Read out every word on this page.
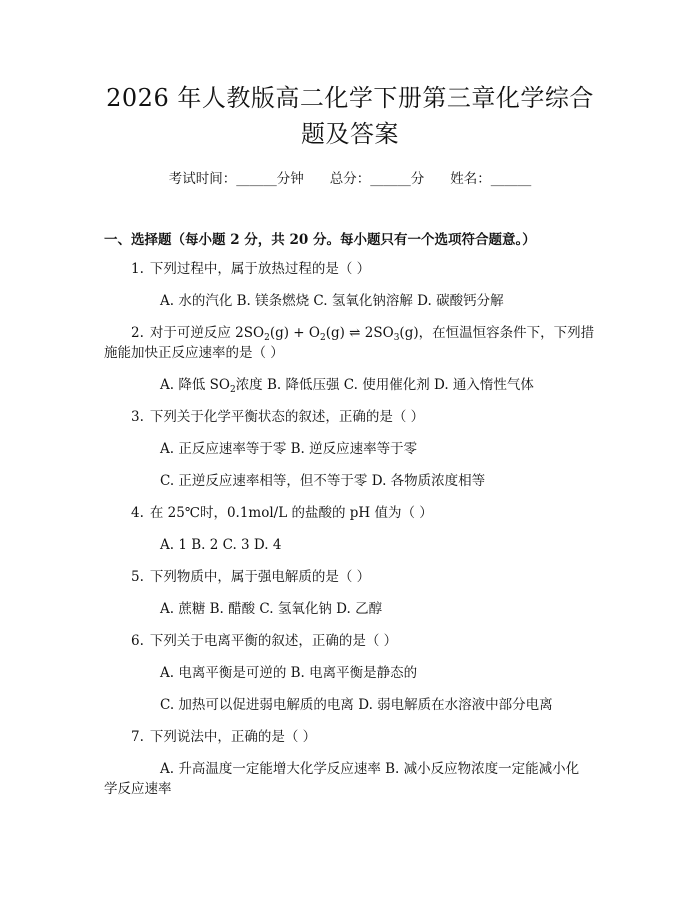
2026 年人教版高二化学下册第三章化学综合
题及答案
考试时间：______分钟 总分：______分 姓名：______
一、选择题（每小题 2 分，共 20 分。每小题只有一个选项符合题意。）
1. 下列过程中，属于放热过程的是（ ）
A. 水的汽化 B. 镁条燃烧 C. 氢氧化钠溶解 D. 碳酸钙分解
2. 对于可逆反应 $2SO_2(g) + O_2(g)$ ⇌ $2SO_3(g)$，在恒温恒容条件下，下列措
施能加快正反应速率的是（ ）
A. 降低 $SO_2$浓度 B. 降低压强 C. 使用催化剂 D. 通入惰性气体
3. 下列关于化学平衡状态的叙述，正确的是（ ）
A. 正反应速率等于零 B. 逆反应速率等于零
C. 正逆反应速率相等，但不等于零 D. 各物质浓度相等
4. 在 25℃时，0.1mol/L 的盐酸的 pH 值为（ ）
A. 1 B. 2 C. 3 D. 4
5. 下列物质中，属于强电解质的是（ ）
A. 蔗糖 B. 醋酸 C. 氢氧化钠 D. 乙醇
6. 下列关于电离平衡的叙述，正确的是（ ）
A. 电离平衡是可逆的 B. 电离平衡是静态的
C. 加热可以促进弱电解质的电离 D. 弱电解质在水溶液中部分电离
7. 下列说法中，正确的是（ ）
A. 升高温度一定能增大化学反应速率 B. 减小反应物浓度一定能减小化
学反应速率
